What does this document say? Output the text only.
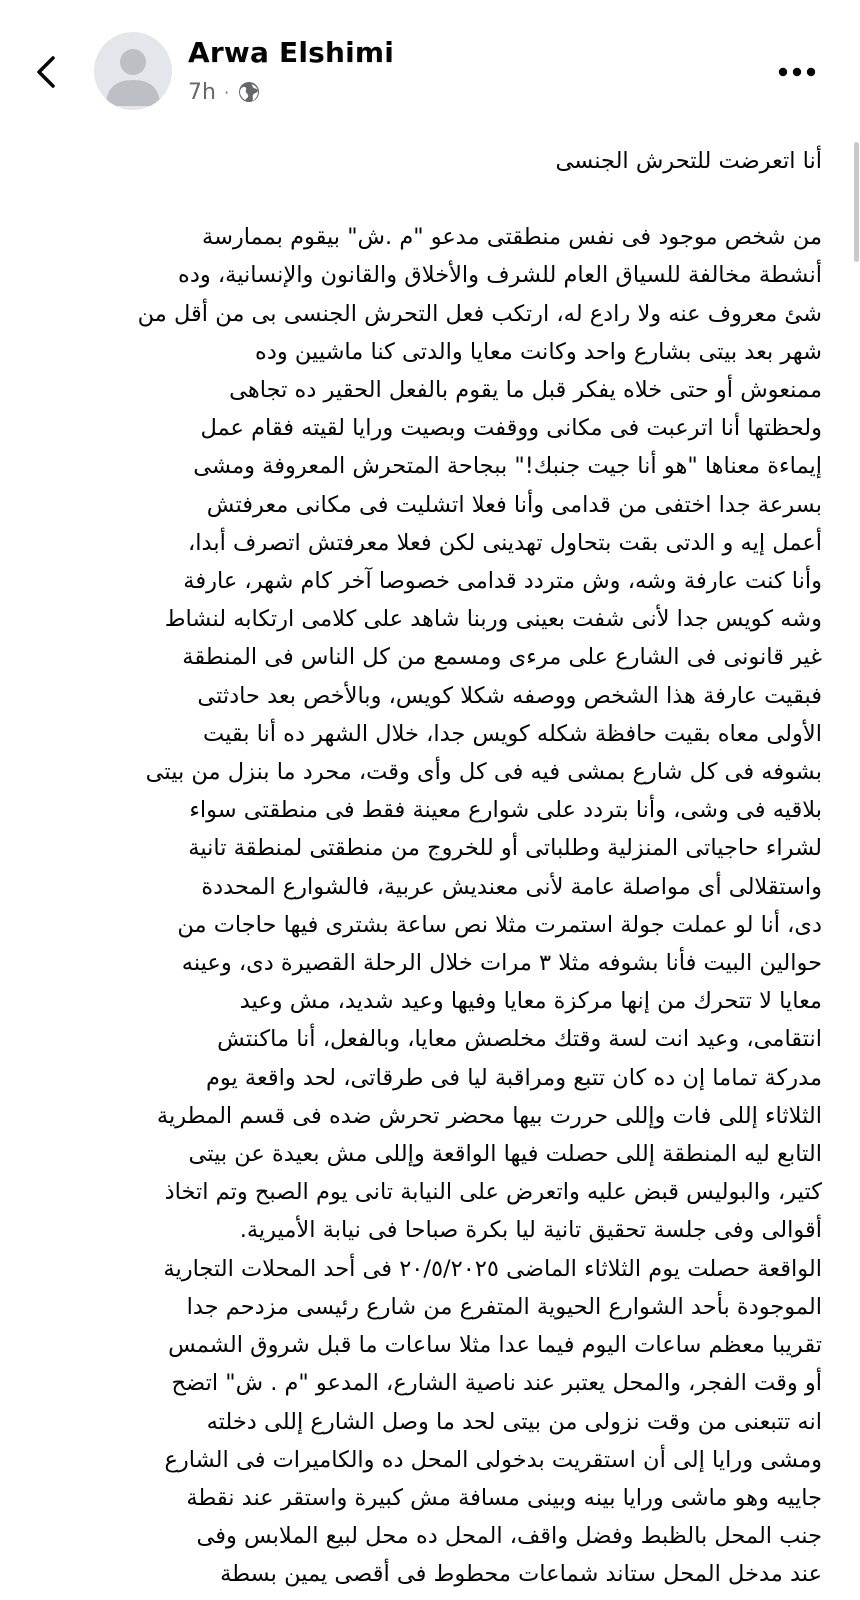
Arwa Elshimi
7h ·

أنا اتعرضت للتحرش الجنسى

من شخص موجود فى نفس منطقتى مدعو "م .ش" بيقوم بممارسة

أنشطة مخالفة للسياق العام للشرف والأخلاق والقانون والإنسانية، وده

شئ معروف عنه ولا رادع له، ارتكب فعل التحرش الجنسى بى من أقل من

شهر بعد بيتى بشارع واحد وكانت معايا والدتى كنا ماشيين وده

ممنعوش أو حتى خلاه يفكر قبل ما يقوم بالفعل الحقير ده تجاهى

ولحظتها أنا اترعبت فى مكانى ووقفت وبصيت ورايا لقيته فقام عمل

إيماءة معناها "هو أنا جيت جنبك!" ببجاحة المتحرش المعروفة ومشى

بسرعة جدا اختفى من قدامى وأنا فعلا اتشليت فى مكانى معرفتش

أعمل إيه و الدتى بقت بتحاول تهدينى لكن فعلا معرفتش اتصرف أبدا،

وأنا كنت عارفة وشه، وش متردد قدامى خصوصا آخر كام شهر، عارفة

وشه كويس جدا لأنى شفت بعينى وربنا شاهد على كلامى ارتكابه لنشاط

غير قانونى فى الشارع على مرءى ومسمع من كل الناس فى المنطقة

فبقيت عارفة هذا الشخص ووصفه شكلا كويس، وبالأخص بعد حادثتى

الأولى معاه بقيت حافظة شكله كويس جدا، خلال الشهر ده أنا بقيت

بشوفه فى كل شارع بمشى فيه فى كل وأى وقت، محرد ما بنزل من بيتى

بلاقيه فى وشى، وأنا بتردد على شوارع معينة فقط فى منطقتى سواء

لشراء حاجياتى المنزلية وطلباتى أو للخروج من منطقتى لمنطقة تانية

واستقلالى أى مواصلة عامة لأنى معنديش عربية، فالشوارع المحددة

دى، أنا لو عملت جولة استمرت مثلا نص ساعة بشترى فيها حاجات من

حوالين البيت فأنا بشوفه مثلا ٣ مرات خلال الرحلة القصيرة دى، وعينه

معايا لا تتحرك من إنها مركزة معايا وفيها وعيد شديد، مش وعيد

انتقامى، وعيد انت لسة وقتك مخلصش معايا، وبالفعل، أنا ماكنتش

مدركة تماما إن ده كان تتبع ومراقبة ليا فى طرقاتى، لحد واقعة يوم

الثلاثاء إللى فات وإللى حررت بيها محضر تحرش ضده فى قسم المطرية

التابع ليه المنطقة إللى حصلت فيها الواقعة وإللى مش بعيدة عن بيتى

كتير، والبوليس قبض عليه واتعرض على النيابة تانى يوم الصبح وتم اتخاذ

أقوالى وفى جلسة تحقيق تانية ليا بكرة صباحا فى نيابة الأميرية.

الواقعة حصلت يوم الثلاثاء الماضى ٢٠/٥/٢٠٢٥ فى أحد المحلات التجارية

الموجودة بأحد الشوارع الحيوية المتفرع من شارع رئيسى مزدحم جدا

تقريبا معظم ساعات اليوم فيما عدا مثلا ساعات ما قبل شروق الشمس

أو وقت الفجر، والمحل يعتبر عند ناصية الشارع، المدعو "م . ش" اتضح

انه تتبعنى من وقت نزولى من بيتى لحد ما وصل الشارع إللى دخلته

ومشى ورايا إلى أن استقريت بدخولى المحل ده والكاميرات فى الشارع

جاييه وهو ماشى ورايا بينه وبينى مسافة مش كبيرة واستقر عند نقطة

جنب المحل بالظبط وفضل واقف، المحل ده محل لبيع الملابس وفى

عند مدخل المحل ستاند شماعات محطوط فى أقصى يمين بسطة
